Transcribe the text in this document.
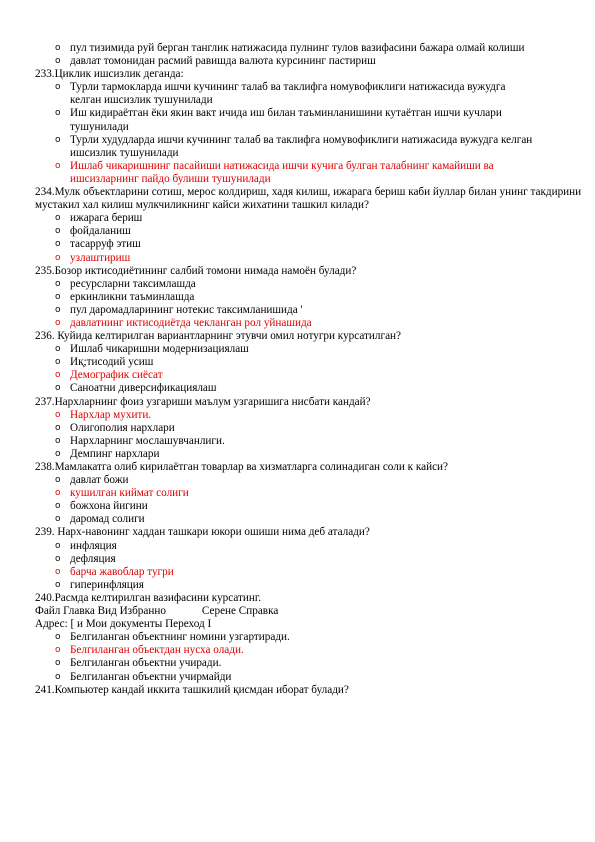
o пул тизимида руй берган танглик натижасида пулнинг тулов вазифасини бажара олмай колиши
o давлат томонидан расмий равишда валюта курсининг пастириш
233.Циклик ишсизлик деганда:
o Турли тармокларда ишчи кучининг талаб ва таклифга номувофиклиги натижасида вужудга келган ишсизлик тушунилади
o Иш кидираётган ёки якин вакт ичида иш билан таъминланишини кутаётган ишчи кучлари тушунилади
o Турли худудларда ишчи кучининг талаб ва таклифга номувофиклиги натижасида вужудга келган ишсизлик тушунилади
o Ишлаб чикаришнинг пасайиши натижасида ишчи кучига булган талабнинг камайиши ва ишсизларнинг пайдо булиши тушунилади
234.Мулк объектларини сотиш, мерос колдириш, хадя килиш, ижарага бериш каби йуллар билан унинг такдирини мустакил хал килиш мулкчиликнинг кайси жихатини ташкил килади?
o ижарага бериш
o фойдаланиш
o тасарруф этиш
o узлаштириш
235.Бозор иктисодиётининг салбий томони нимада намоён булади?
o ресурсларни таксимлашда
o еркинликни таъминлашда
o пул даромадларининг нотекис таксимланишида '
o давлатнинг иктисодиётда чекланган рол уйнашида
236. Куйида келтирилган вариантларнинг этувчи омил нотугри курсатилган?
o Ишлаб чикаришни модернизациялаш
o Иқ;тисодий усиш
o Демографик сиёсат
o Саноатни диверсификациялаш
237.Нархларнинг фоиз узгариши маълум узгаришига нисбати кандай?
o Нархлар мухити.
o Олигополия нархлари
o Нархларнинг мослашувчанлиги.
o Демпинг нархлари
238.Мамлакатга олиб кирилаётган товарлар ва хизматларга солинадиган соли к кайси?
o давлат божи
o кушилган киймат солиги
o божхона йигини
o даромад солиги
239. Нарх-навонинг хаддан ташкари юкори ошиши нима деб аталади?
o инфляция
o дефляция
o барча жавоблар тугри
o гиперинфляция
240.Расмда келтирилган вазифасини курсатинг.
Файл Главка Вид Избранно	Серене Справка
Адрес: [ и Мои документы Переход I
o Белгиланган объектнинг номини узгартиради.
o Белгиланган объектдан нусха олади.
o Белгиланган объектни учиради.
o Белгиланган объектни учирмайди
241.Компьютер кандай иккита ташкилий қисмдан иборат булади?
